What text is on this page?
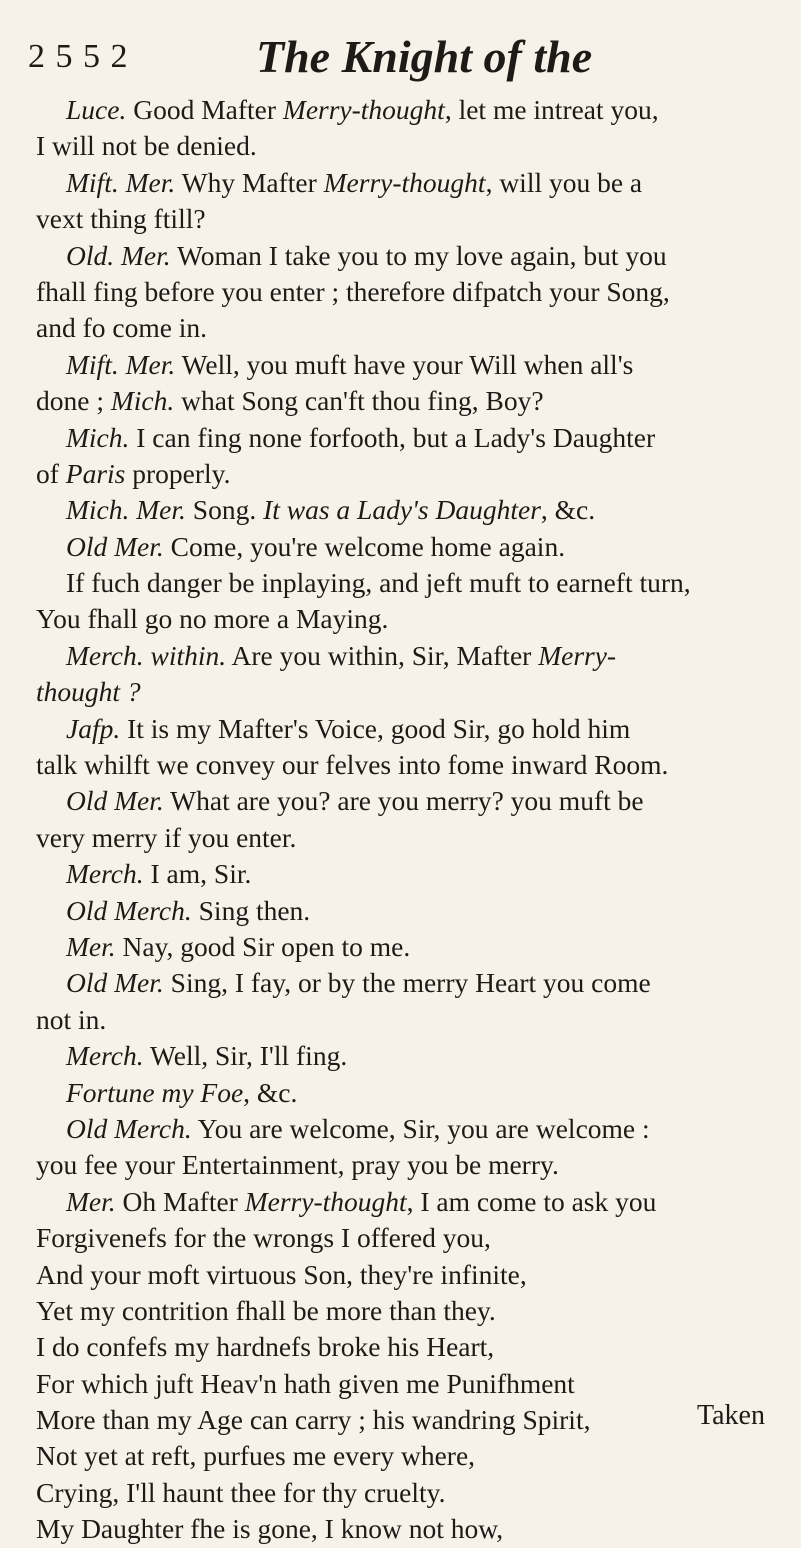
2 5 5 2	The Knight of the
Luce. Good Mafter Merry-thought, let me intreat you,
I will not be denied.
Mift. Mer. Why Mafter Merry-thought, will you be a
vext thing ftill?
Old. Mer. Woman I take you to my love again, but you
fhall fing before you enter ; therefore difpatch your Song,
and fo come in.
Mift. Mer. Well, you muft have your Will when all's
done ; Mich. what Song can'ft thou fing, Boy?
Mich. I can fing none forfooth, but a Lady's Daughter
of Paris properly.
Mich. Mer. Song. It was a Lady's Daughter, &c.
Old Mer. Come, you're welcome home again.
If fuch danger be inplaying, and jeft muft to earneft turn,
You fhall go no more a Maying.
Merch. within. Are you within, Sir, Mafter Merry-
thought ?
Jafp. It is my Mafter's Voice, good Sir, go hold him
talk whilft we convey our felves into fome inward Room.
Old Mer. What are you? are you merry? you muft be
very merry if you enter.
Merch. I am, Sir.
Old Merch. Sing then.
Mer. Nay, good Sir open to me.
Old Mer. Sing, I fay, or by the merry Heart you come
not in.
Merch. Well, Sir, I'll fing.
Fortune my Foe, &c.
Old Merch. You are welcome, Sir, you are welcome :
you fee your Entertainment, pray you be merry.
Mer. Oh Mafter Merry-thought, I am come to ask you
Forgivenefs for the wrongs I offered you,
And your moft virtuous Son, they're infinite,
Yet my contrition fhall be more than they.
I do confefs my hardnefs broke his Heart,
For which juft Heav'n hath given me Punifhment
More than my Age can carry ; his wandring Spirit,
Not yet at reft, purfues me every where,
Crying, I'll haunt thee for thy cruelty.
My Daughter fhe is gone, I know not how,
Taken
